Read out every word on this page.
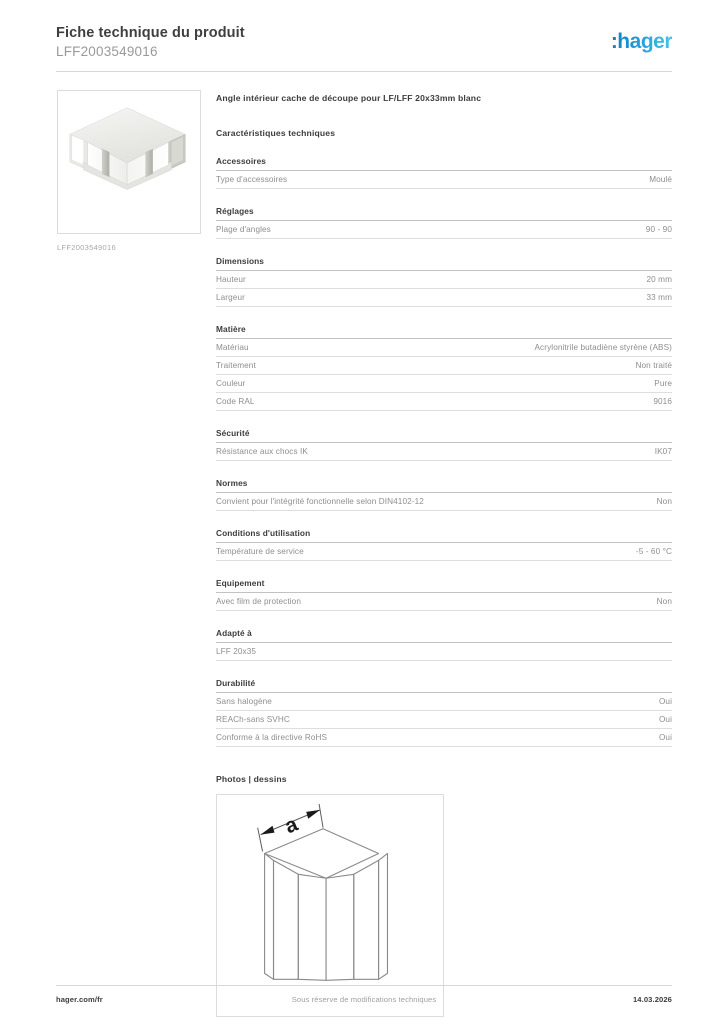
Fiche technique du produit
LFF2003549016	:hager
LFF2003549016
Angle intérieur cache de découpe pour LF/LFF 20x33mm blanc
Caractéristiques techniques
Accessoires
Type d'accessoires	Moulé
Réglages
Plage d'angles	90 - 90
Dimensions
Hauteur	20 mm
Largeur	33 mm
Matière
Matériau	Acrylonitrile butadiène styrène (ABS)
Traitement	Non traité
Couleur	Pure
Code RAL	9016
Sécurité
Résistance aux chocs IK	IK07
Normes
Convient pour l'intégrité fonctionnelle selon DIN4102-12	Non
Conditions d'utilisation
Température de service	-5 - 60 °C
Equipement
Avec film de protection	Non
Adapté à
LFF 20x35
Durabilité
Sans halogène	Oui
REACh-sans SVHC	Oui
Conforme à la directive RoHS	Oui
Photos | dessins
a
hager.com/fr	Sous réserve de modifications techniques	14.03.2026
